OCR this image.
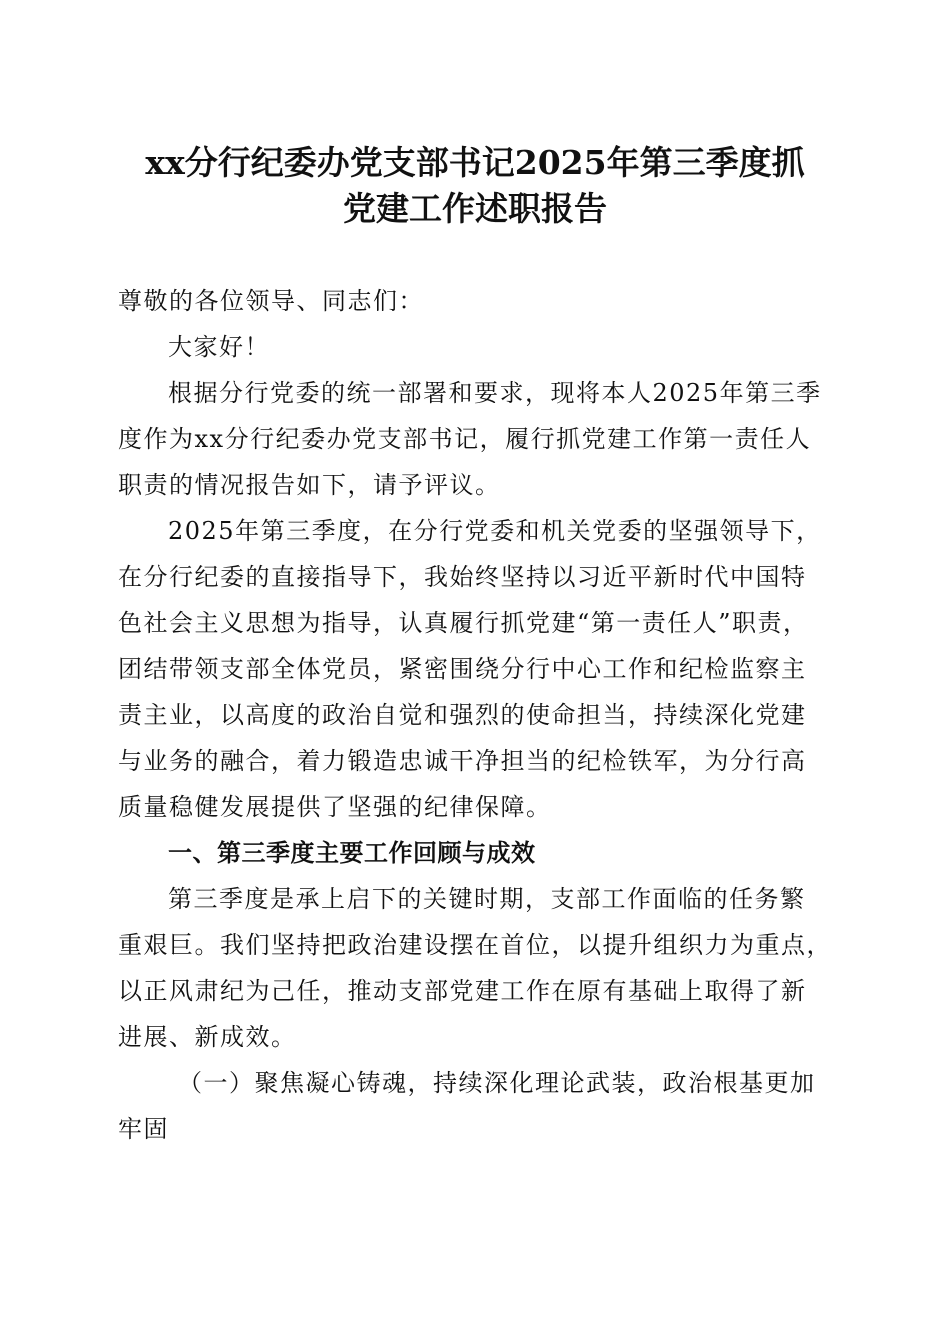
xx分行纪委办党支部书记2025年第三季度抓
党建工作述职报告
尊敬的各位领导、同志们：
大家好！
根据分行党委的统一部署和要求，现将本人2025年第三季
度作为xx分行纪委办党支部书记，履行抓党建工作第一责任人
职责的情况报告如下，请予评议。
2025年第三季度，在分行党委和机关党委的坚强领导下，
在分行纪委的直接指导下，我始终坚持以习近平新时代中国特
色社会主义思想为指导，认真履行抓党建“第一责任人”职责，
团结带领支部全体党员，紧密围绕分行中心工作和纪检监察主
责主业，以高度的政治自觉和强烈的使命担当，持续深化党建
与业务的融合，着力锻造忠诚干净担当的纪检铁军，为分行高
质量稳健发展提供了坚强的纪律保障。
一、第三季度主要工作回顾与成效
第三季度是承上启下的关键时期，支部工作面临的任务繁
重艰巨。我们坚持把政治建设摆在首位，以提升组织力为重点，
以正风肃纪为己任，推动支部党建工作在原有基础上取得了新
进展、新成效。
（一）聚焦凝心铸魂，持续深化理论武装，政治根基更加
牢固
